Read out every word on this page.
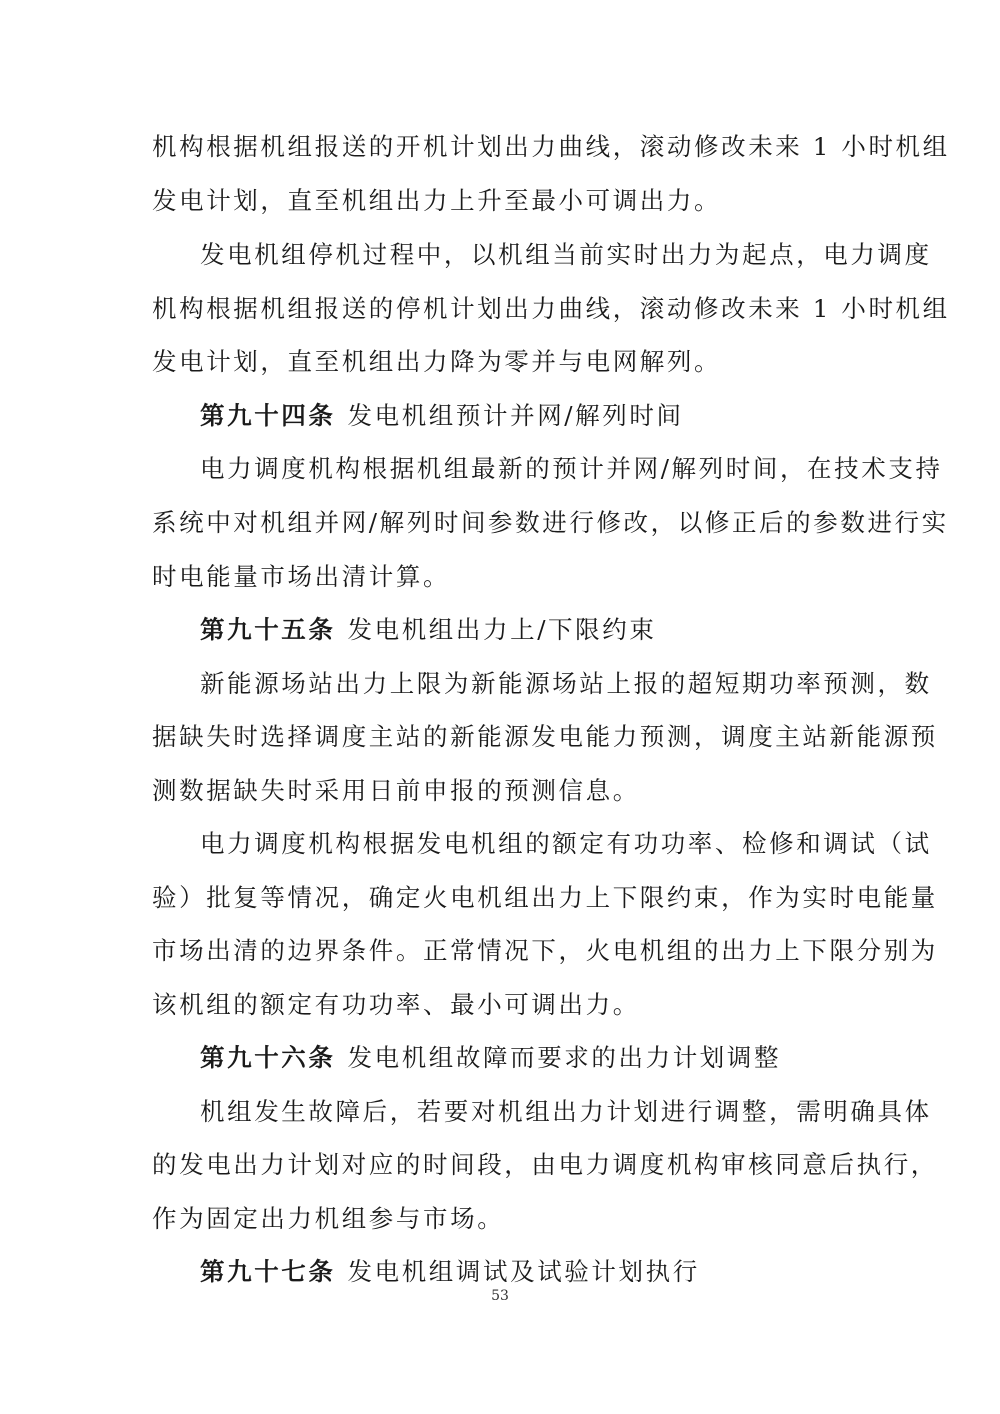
机构根据机组报送的开机计划出力曲线，滚动修改未来 1 小时机组
发电计划，直至机组出力上升至最小可调出力。
发电机组停机过程中，以机组当前实时出力为起点，电力调度
机构根据机组报送的停机计划出力曲线，滚动修改未来 1 小时机组
发电计划，直至机组出力降为零并与电网解列。
第九十四条 发电机组预计并网/解列时间
电力调度机构根据机组最新的预计并网/解列时间，在技术支持
系统中对机组并网/解列时间参数进行修改，以修正后的参数进行实
时电能量市场出清计算。
第九十五条 发电机组出力上/下限约束
新能源场站出力上限为新能源场站上报的超短期功率预测，数
据缺失时选择调度主站的新能源发电能力预测，调度主站新能源预
测数据缺失时采用日前申报的预测信息。
电力调度机构根据发电机组的额定有功功率、检修和调试（试
验）批复等情况，确定火电机组出力上下限约束，作为实时电能量
市场出清的边界条件。正常情况下，火电机组的出力上下限分别为
该机组的额定有功功率、最小可调出力。
第九十六条 发电机组故障而要求的出力计划调整
机组发生故障后，若要对机组出力计划进行调整，需明确具体
的发电出力计划对应的时间段，由电力调度机构审核同意后执行，
作为固定出力机组参与市场。
第九十七条 发电机组调试及试验计划执行
53
